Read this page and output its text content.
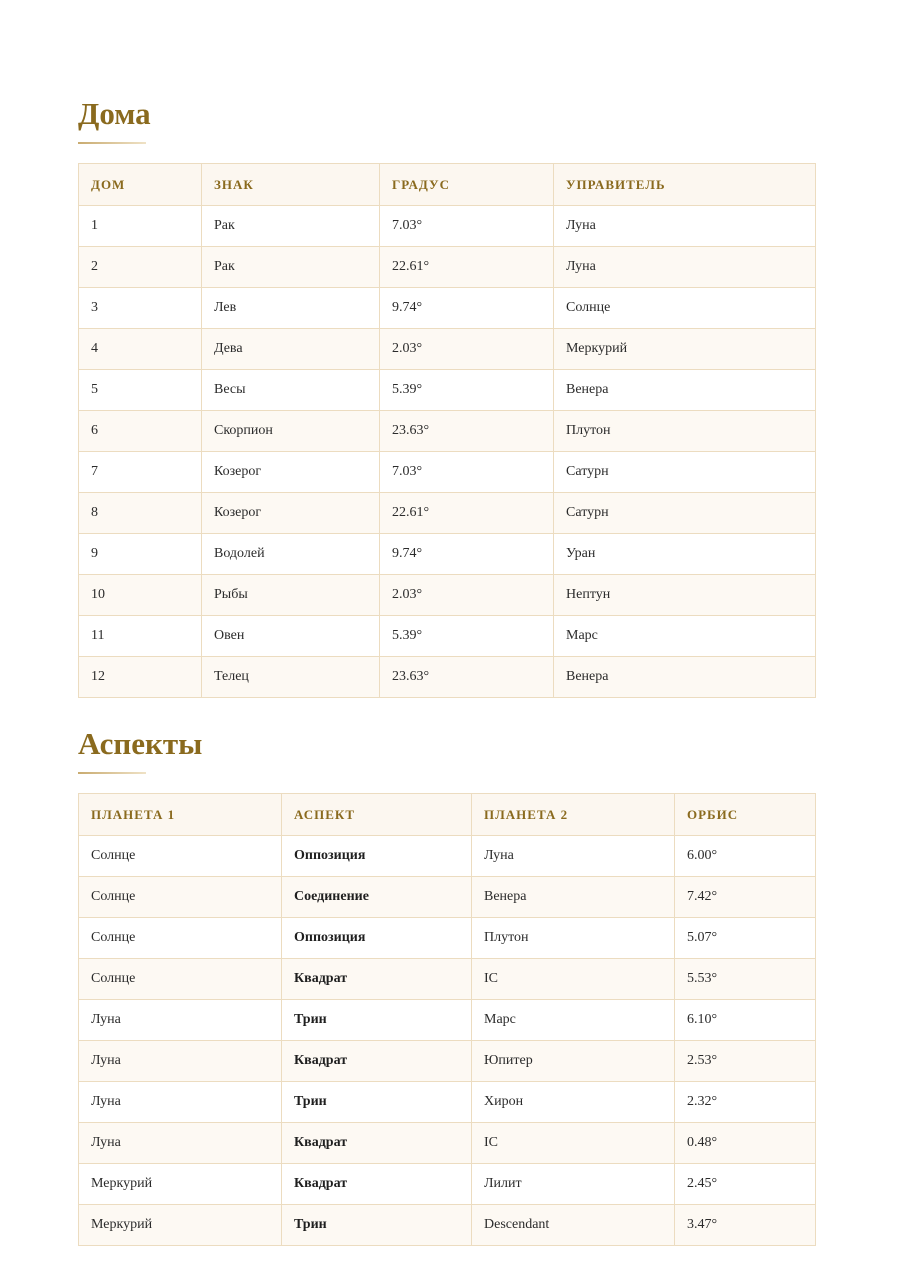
Дома
ДОМ	ЗНАК	ГРАДУС	УПРАВИТЕЛЬ
1	Рак	7.03°	Луна
2	Рак	22.61°	Луна
3	Лев	9.74°	Солнце
4	Дева	2.03°	Меркурий
5	Весы	5.39°	Венера
6	Скорпион	23.63°	Плутон
7	Козерог	7.03°	Сатурн
8	Козерог	22.61°	Сатурн
9	Водолей	9.74°	Уран
10	Рыбы	2.03°	Нептун
11	Овен	5.39°	Марс
12	Телец	23.63°	Венера
Аспекты
ПЛАНЕТА 1	АСПЕКТ	ПЛАНЕТА 2	ОРБИС
Солнце	Оппозиция	Луна	6.00°
Солнце	Соединение	Венера	7.42°
Солнце	Оппозиция	Плутон	5.07°
Солнце	Квадрат	IC	5.53°
Луна	Трин	Марс	6.10°
Луна	Квадрат	Юпитер	2.53°
Луна	Трин	Хирон	2.32°
Луна	Квадрат	IC	0.48°
Меркурий	Квадрат	Лилит	2.45°
Меркурий	Трин	Descendant	3.47°
